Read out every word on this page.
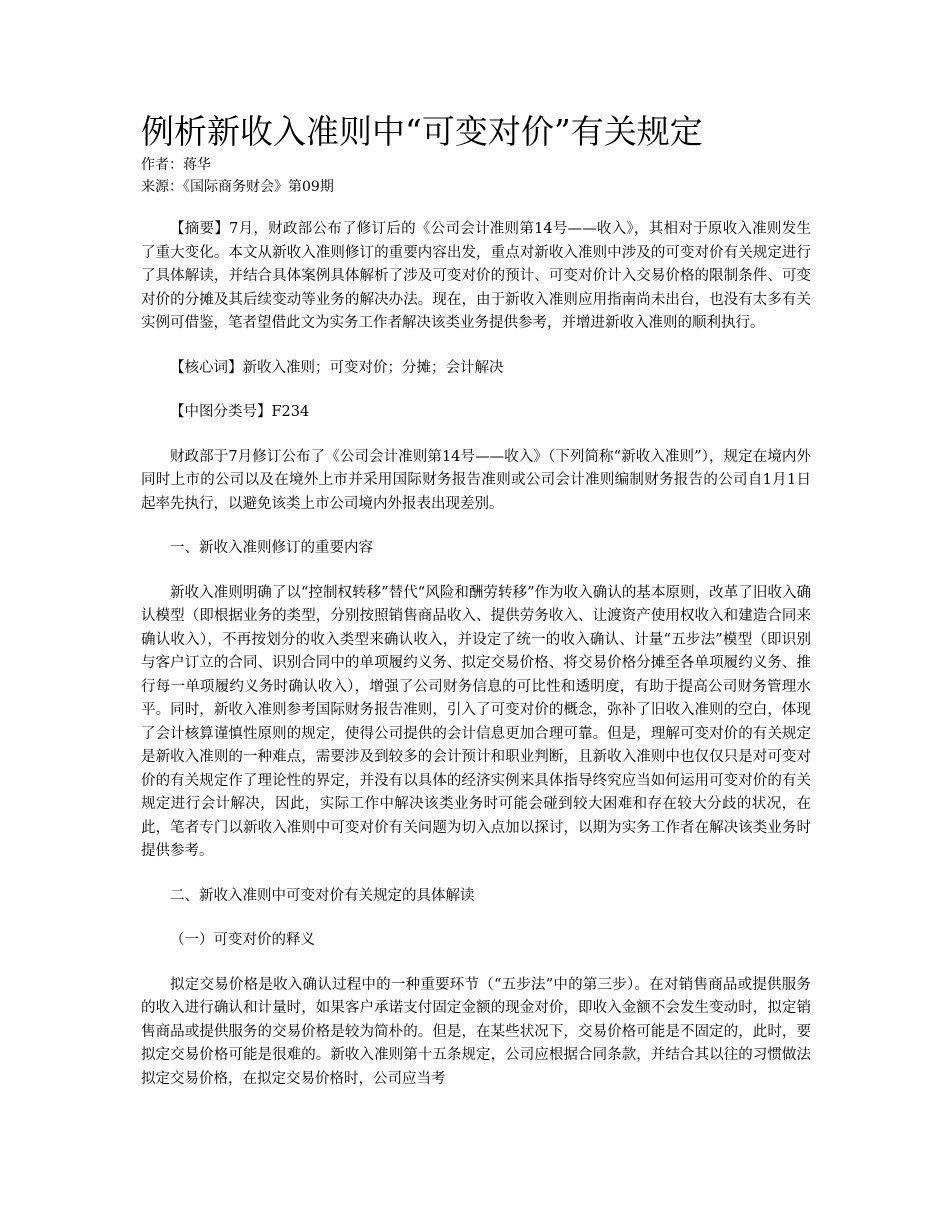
例析新收入准则中“可变对价”有关规定

作者：蒋华

来源：《国际商务财会》第09期

【摘要】7月，财政部公布了修订后的《公司会计准则第14号——收入》，其相对于原收入准则发生了重大变化。本文从新收入准则修订的重要内容出发，重点对新收入准则中涉及的可变对价有关规定进行了具体解读，并结合具体案例具体解析了涉及可变对价的预计、可变对价计入交易价格的限制条件、可变对价的分摊及其后续变动等业务的解决办法。现在，由于新收入准则应用指南尚未出台，也没有太多有关实例可借鉴，笔者望借此文为实务工作者解决该类业务提供参考，并增进新收入准则的顺利执行。

【核心词】新收入准则；可变对价；分摊；会计解决

【中图分类号】F234

财政部于7月修订公布了《公司会计准则第14号——收入》（下列简称“新收入准则”），规定在境内外同时上市的公司以及在境外上市并采用国际财务报告准则或公司会计准则编制财务报告的公司自1月1日起率先执行，以避免该类上市公司境内外报表出现差别。

一、新收入准则修订的重要内容

新收入准则明确了以“控制权转移”替代“风险和酬劳转移”作为收入确认的基本原则，改革了旧收入确认模型（即根据业务的类型，分别按照销售商品收入、提供劳务收入、让渡资产使用权收入和建造合同来确认收入），不再按划分的收入类型来确认收入，并设定了统一的收入确认、计量“五步法”模型（即识别与客户订立的合同、识别合同中的单项履约义务、拟定交易价格、将交易价格分摊至各单项履约义务、推行每一单项履约义务时确认收入），增强了公司财务信息的可比性和透明度，有助于提高公司财务管理水平。同时，新收入准则参考国际财务报告准则，引入了可变对价的概念，弥补了旧收入准则的空白，体现了会计核算谨慎性原则的规定，使得公司提供的会计信息更加合理可靠。但是，理解可变对价的有关规定是新收入准则的一种难点，需要涉及到较多的会计预计和职业判断，且新收入准则中也仅仅只是对可变对价的有关规定作了理论性的界定，并没有以具体的经济实例来具体指导终究应当如何运用可变对价的有关规定进行会计解决，因此，实际工作中解决该类业务时可能会碰到较大困难和存在较大分歧的状况，在此，笔者专门以新收入准则中可变对价有关问题为切入点加以探讨，以期为实务工作者在解决该类业务时提供参考。

二、新收入准则中可变对价有关规定的具体解读

（一）可变对价的释义

拟定交易价格是收入确认过程中的一种重要环节（“五步法”中的第三步）。在对销售商品或提供服务的收入进行确认和计量时，如果客户承诺支付固定金额的现金对价，即收入金额不会发生变动时，拟定销售商品或提供服务的交易价格是较为简朴的。但是，在某些状况下，交易价格可能是不固定的，此时，要拟定交易价格可能是很难的。新收入准则第十五条规定，公司应根据合同条款，并结合其以往的习惯做法拟定交易价格，在拟定交易价格时，公司应当考
